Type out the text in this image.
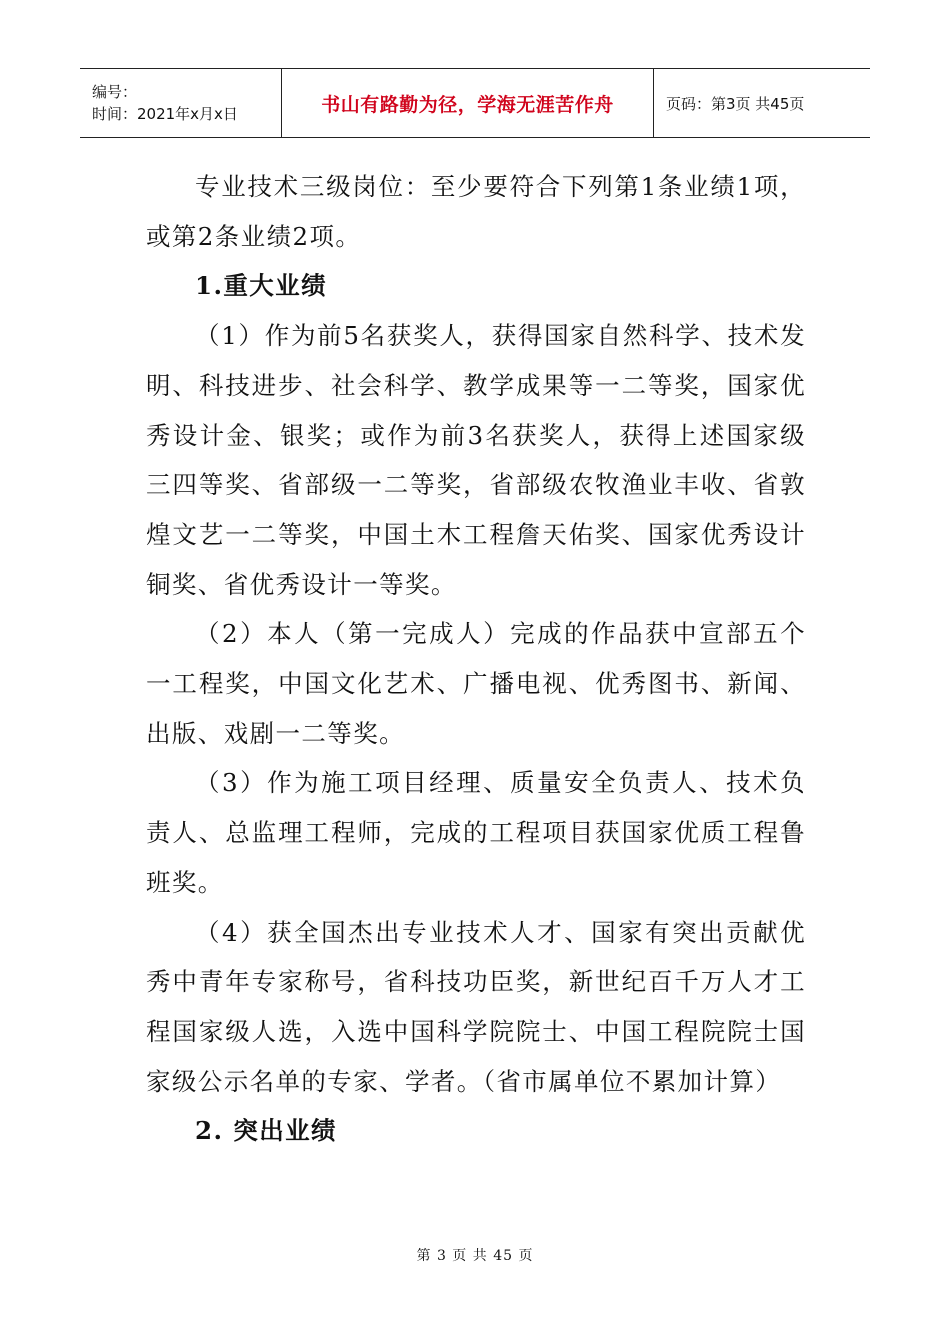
编号：
时间：2021年x月x日	书山有路勤为径，学海无涯苦作舟	页码：第3页 共45页

专业技术三级岗位：至少要符合下列第1条业绩1项，或第2条业绩2项。

1.重大业绩

（1）作为前5名获奖人，获得国家自然科学、技术发明、科技进步、社会科学、教学成果等一二等奖，国家优秀设计金、银奖；或作为前3名获奖人，获得上述国家级三四等奖、省部级一二等奖，省部级农牧渔业丰收、省敦煌文艺一二等奖，中国土木工程詹天佑奖、国家优秀设计铜奖、省优秀设计一等奖。

（2）本人（第一完成人）完成的作品获中宣部五个一工程奖，中国文化艺术、广播电视、优秀图书、新闻、出版、戏剧一二等奖。

（3）作为施工项目经理、质量安全负责人、技术负责人、总监理工程师，完成的工程项目获国家优质工程鲁班奖。

（4）获全国杰出专业技术人才、国家有突出贡献优秀中青年专家称号，省科技功臣奖，新世纪百千万人才工程国家级人选，入选中国科学院院士、中国工程院院士国家级公示名单的专家、学者。（省市属单位不累加计算）

2. 突出业绩
第 3 页 共 45 页
